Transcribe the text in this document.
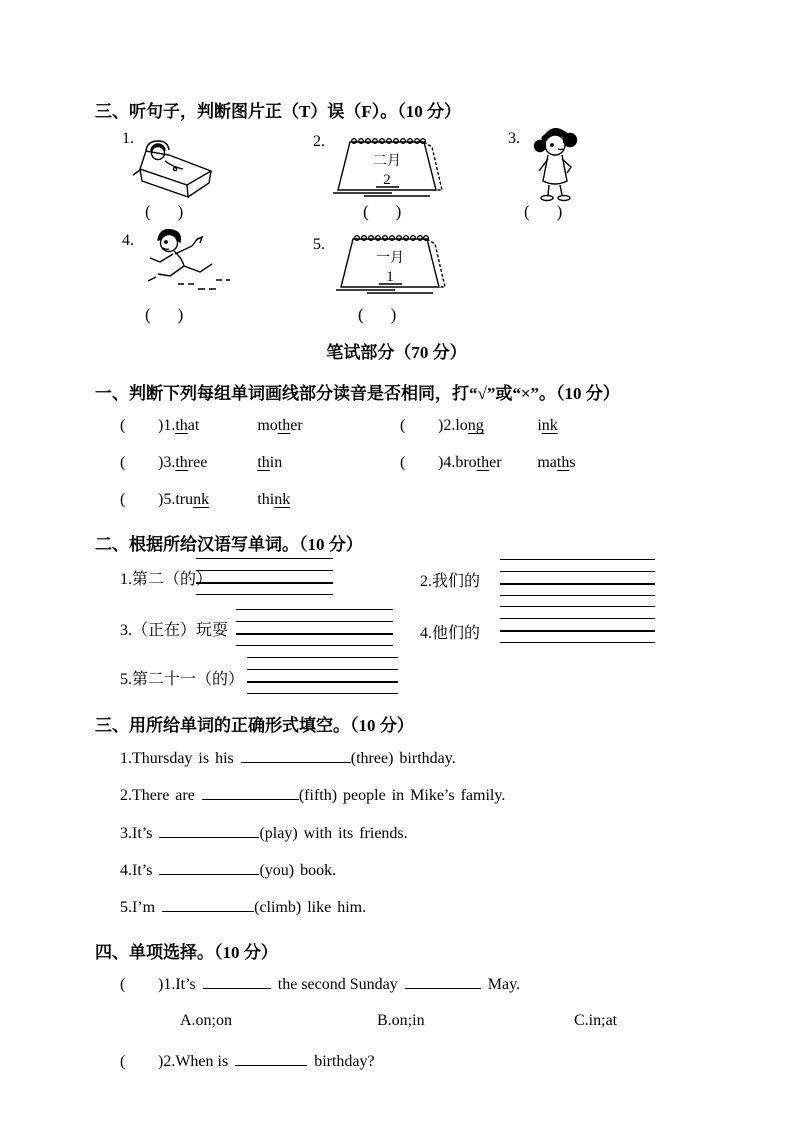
三、听句子，判断图片正（T）误（F）。（10 分）
1.	2.	3.
4.	5.
二月
2
一月
1
( )	( )	( )
( )	( )
笔试部分（70 分）
一、判断下列每组单词画线部分读音是否相同，打“√”或“×”。（10 分）
( )1.that	mother	( )2.long	ink
( )3.three	thin	( )4.brother maths
( )5.trunk	think
二、根据所给汉语写单词。（10 分）
1.第二（的）	2.我们的
3.（正在）玩耍	4.他们的
5.第二十一（的）
三、用所给单词的正确形式填空。（10 分）
1.Thursday is his	(three) birthday.
2.There are	(fifth) people in Mike’s family.
3.It’s	(play) with its friends.
4.It’s	(you) book.
5.I’m	(climb) like him.
四、单项选择。（10 分）
( )1.It’s	the second Sunday	May.
A.on;on	B.on;in	C.in;at
( )2.When is	birthday?
